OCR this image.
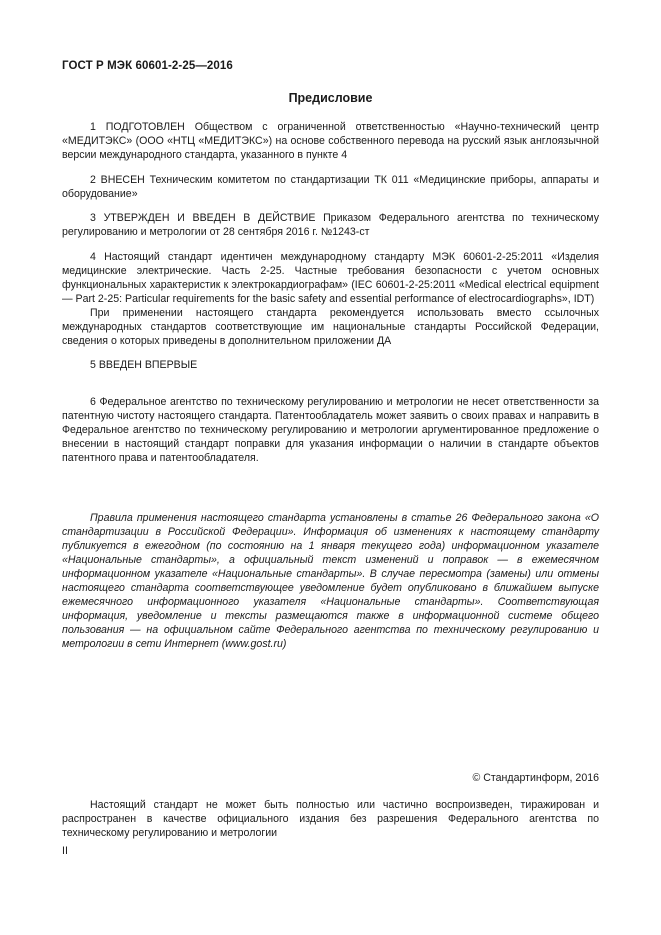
ГОСТ Р МЭК 60601-2-25—2016
Предисловие

1 ПОДГОТОВЛЕН Обществом с ограниченной ответственностью «Научно-технический центр «МЕДИТЭКС» (ООО «НТЦ «МЕДИТЭКС») на основе собственного перевода на русский язык англоязычной версии международного стандарта, указанного в пункте 4

2 ВНЕСЕН Техническим комитетом по стандартизации ТК 011 «Медицинские приборы, аппараты и оборудование»

3 УТВЕРЖДЕН И ВВЕДЕН В ДЕЙСТВИЕ Приказом Федерального агентства по техническому регулированию и метрологии от 28 сентября 2016 г. №1243-ст

4 Настоящий стандарт идентичен международному стандарту МЭК 60601-2-25:2011 «Изделия медицинские электрические. Часть 2-25. Частные требования безопасности с учетом основных функциональных характеристик к электрокардиографам» (IEC 60601-2-25:2011 «Medical electrical equipment — Part 2-25: Particular requirements for the basic safety and essential performance of electrocardiographs», IDT)

При применении настоящего стандарта рекомендуется использовать вместо ссылочных международных стандартов соответствующие им национальные стандарты Российской Федерации, сведения о которых приведены в дополнительном приложении ДА

5 ВВЕДЕН ВПЕРВЫЕ

6 Федеральное агентство по техническому регулированию и метрологии не несет ответственности за патентную чистоту настоящего стандарта. Патентообладатель может заявить о своих правах и направить в Федеральное агентство по техническому регулированию и метрологии аргументированное предложение о внесении в настоящий стандарт поправки для указания информации о наличии в стандарте объектов патентного права и патентообладателя.

Правила применения настоящего стандарта установлены в статье 26 Федерального закона «О стандартизации в Российской Федерации». Информация об изменениях к настоящему стандарту публикуется в ежегодном (по состоянию на 1 января текущего года) информационном указателе «Национальные стандарты», а официальный текст изменений и поправок — в ежемесячном информационном указателе «Национальные стандарты». В случае пересмотра (замены) или отмены настоящего стандарта соответствующее уведомление будет опубликовано в ближайшем выпуске ежемесячного информационного указателя «Национальные стандарты». Соответствующая информация, уведомление и тексты размещаются также в информационной системе общего пользования — на официальном сайте Федерального агентства по техническому регулированию и метрологии в сети Интернет (www.gost.ru)

© Стандартинформ, 2016

Настоящий стандарт не может быть полностью или частично воспроизведен, тиражирован и распространен в качестве официального издания без разрешения Федерального агентства по техническому регулированию и метрологии

II
